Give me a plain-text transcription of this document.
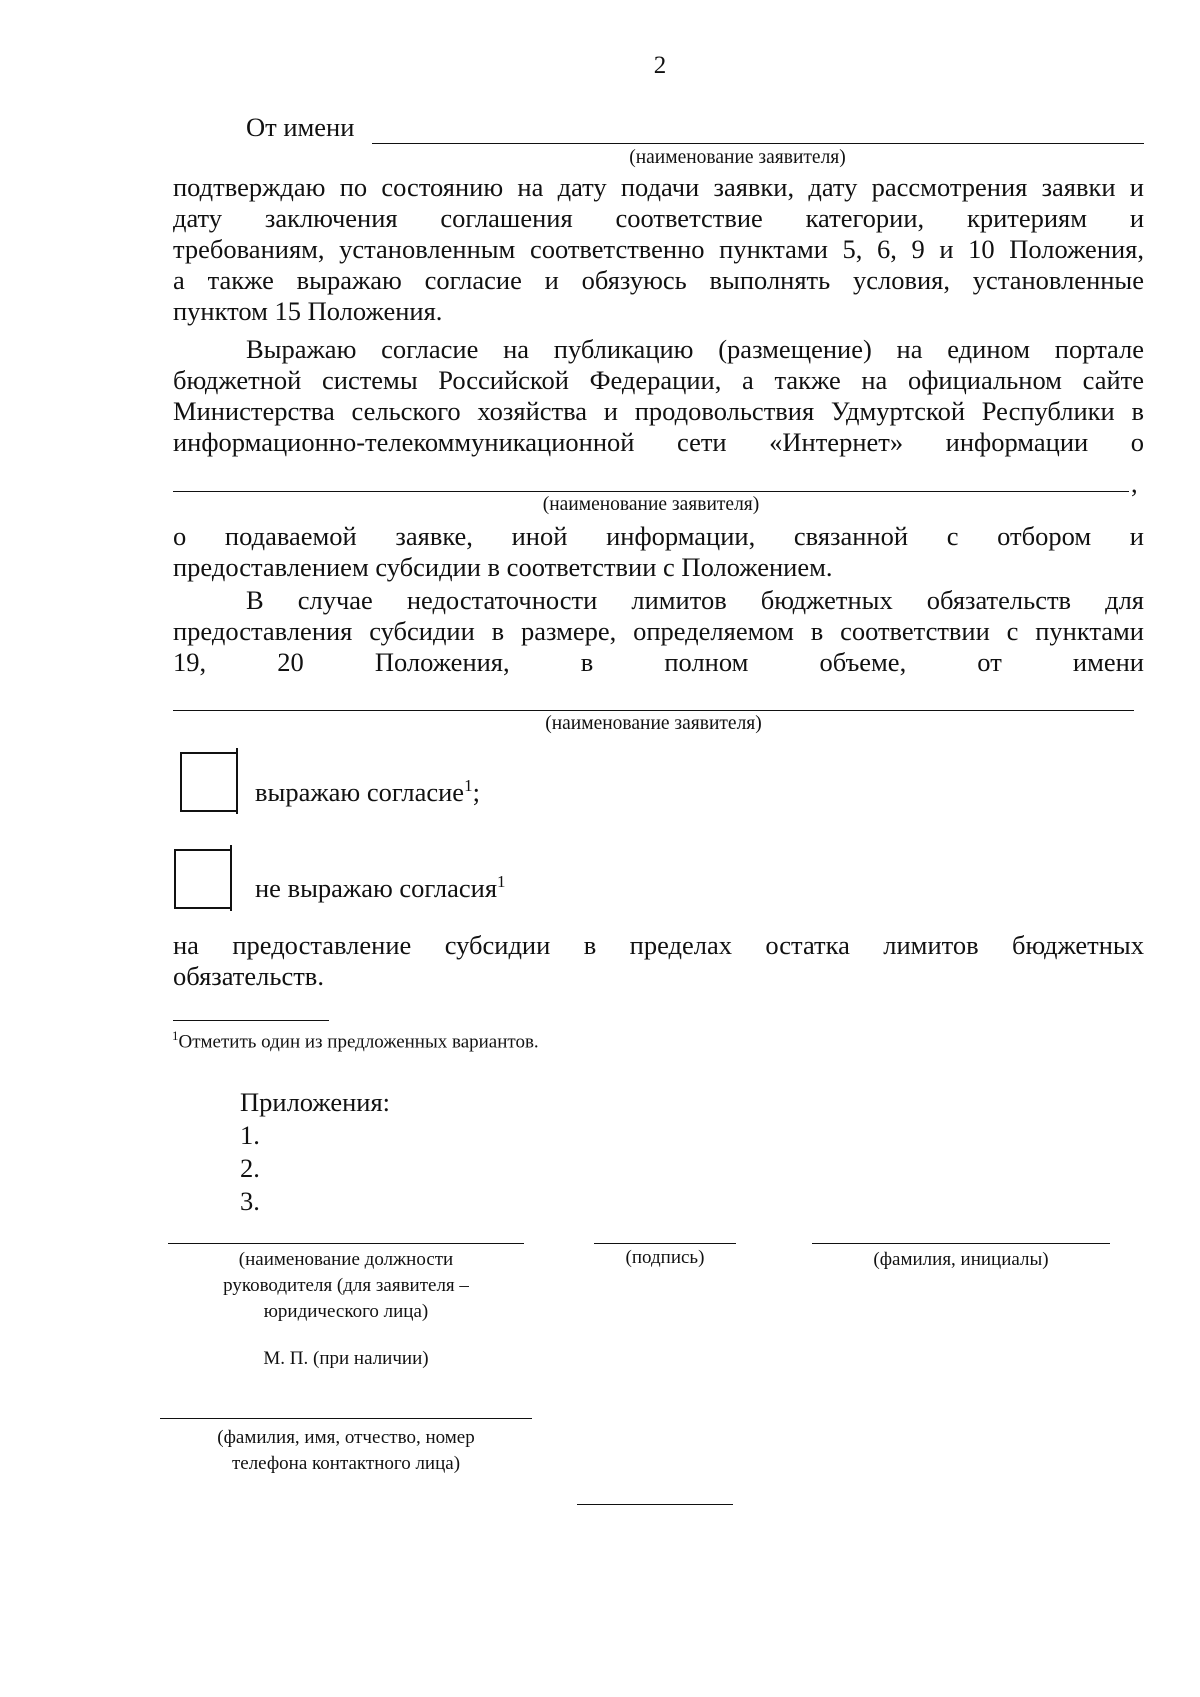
2
От имени
(наименование заявителя)
подтверждаю по состоянию на дату подачи заявки, дату рассмотрения заявки и
дату заключения соглашения соответствие категории, критериям и
требованиям, установленным соответственно пунктами 5, 6, 9 и 10 Положения,
а также выражаю согласие и обязуюсь выполнять условия, установленные
пунктом 15 Положения.
Выражаю согласие на публикацию (размещение) на едином портале
бюджетной системы Российской Федерации, а также на официальном сайте
Министерства сельского хозяйства и продовольствия Удмуртской Республики в
информационно-телекоммуникационной сети «Интернет» информации о
,
(наименование заявителя)
о подаваемой заявке, иной информации, связанной с отбором и
предоставлением субсидии в соответствии с Положением.
В случае недостаточности лимитов бюджетных обязательств для
предоставления субсидии в размере, определяемом в соответствии с пунктами
19, 20 Положения, в полном объеме, от имени
(наименование заявителя)
выражаю согласие$^1$;
не выражаю согласия$^1$
на предоставление субсидии в пределах остатка лимитов бюджетных
обязательств.
$^1$Отметить один из предложенных вариантов.
Приложения:
1.
2.
3.
(наименование должности
руководителя (для заявителя –
юридического лица)
(подпись)	(фамилия, инициалы)
М. П. (при наличии)
(фамилия, имя, отчество, номер
телефона контактного лица)
